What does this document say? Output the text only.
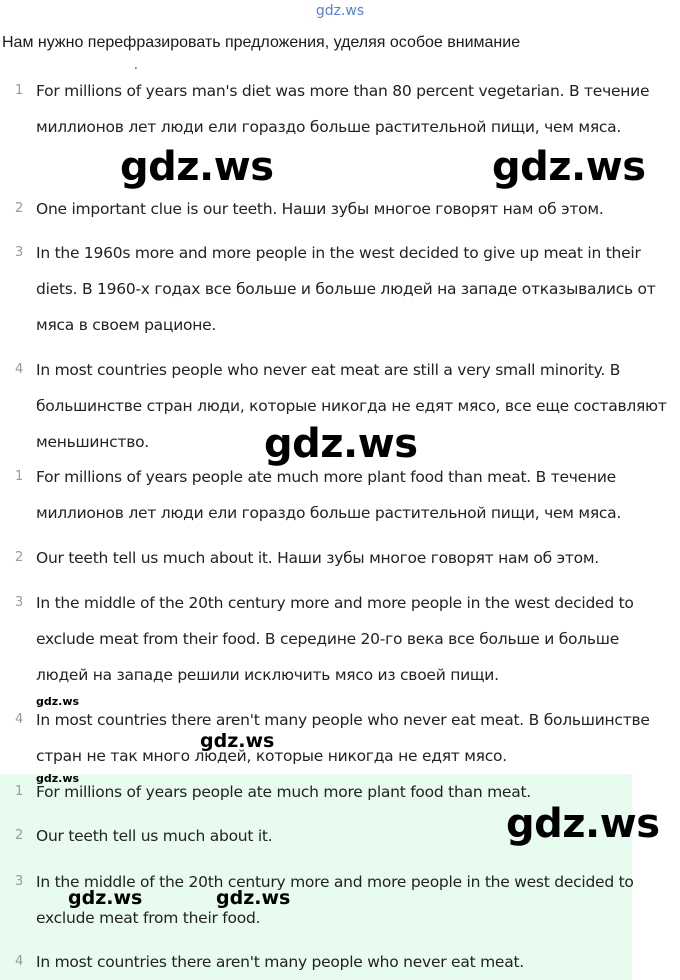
gdz.ws
Нам нужно перефразировать предложения, уделяя особое внимание
.
1 For millions of years man's diet was more than 80 percent vegetarian. В течение миллионов лет люди ели гораздо больше растительной пищи, чем мяса.
2 One important clue is our teeth. Наши зубы многое говорят нам об этом.
3 In the 1960s more and more people in the west decided to give up meat in their diets. В 1960-х годах все больше и больше людей на западе отказывались от мяса в своем рационе.
4 In most countries people who never eat meat are still a very small minority. В большинстве стран люди, которые никогда не едят мясо, все еще составляют меньшинство.
1 For millions of years people ate much more plant food than meat. В течение миллионов лет люди ели гораздо больше растительной пищи, чем мяса.
2 Our teeth tell us much about it. Наши зубы многое говорят нам об этом.
3 In the middle of the 20th century more and more people in the west decided to exclude meat from their food. В середине 20-го века все больше и больше людей на западе решили исключить мясо из своей пищи.
4 In most countries there aren't many people who never eat meat. В большинстве стран не так много людей, которые никогда не едят мясо.
1 For millions of years people ate much more plant food than meat.
2 Our teeth tell us much about it.
3 In the middle of the 20th century more and more people in the west decided to exclude meat from their food.
4 In most countries there aren't many people who never eat meat.
gdz.ws	gdz.ws
gdz.ws
gdz.ws
gdz.ws
gdz.ws
gdz.ws
gdz.ws	gdz.ws
